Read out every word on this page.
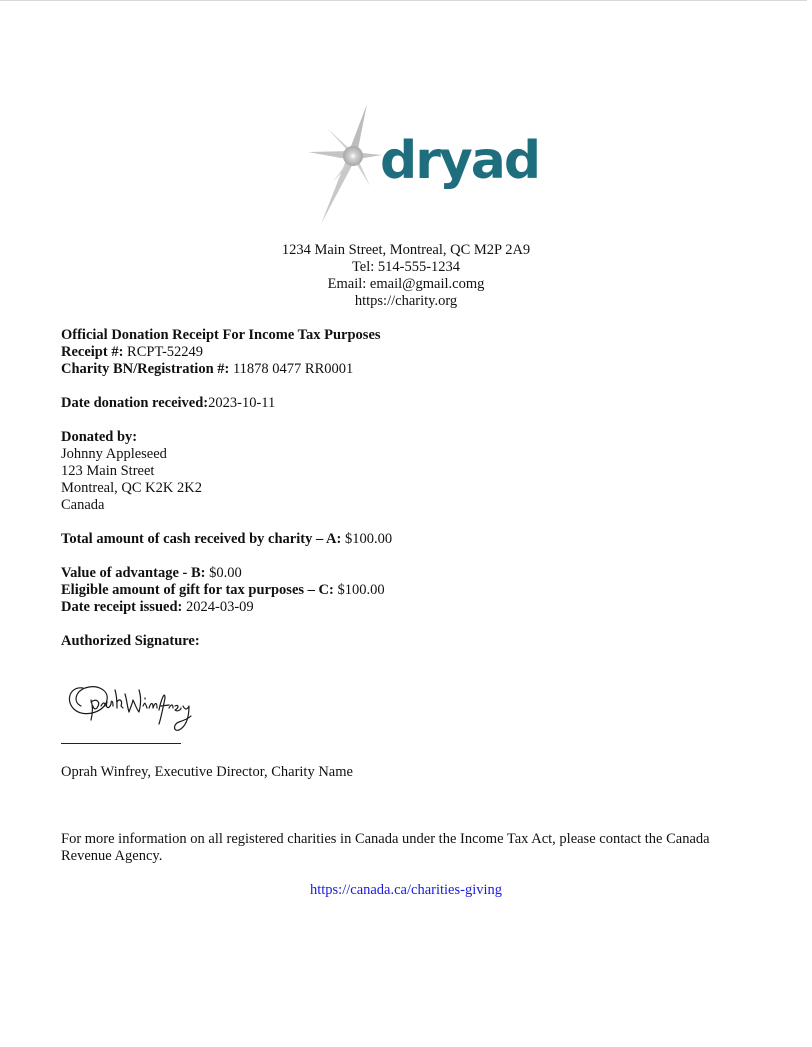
dryad
1234 Main Street, Montreal, QC M2P 2A9
Tel: 514-555-1234
Email: email@gmail.comg
https://charity.org
Official Donation Receipt For Income Tax Purposes
Receipt #: RCPT-52249
Charity BN/Registration #: 11878 0477 RR0001
Date donation received:2023-10-11
Donated by:
Johnny Appleseed
123 Main Street
Montreal, QC K2K 2K2
Canada
Total amount of cash received by charity – A: $100.00
Value of advantage - B: $0.00
Eligible amount of gift for tax purposes – C: $100.00
Date receipt issued: 2024-03-09
Authorized Signature:
Oprah Winfrey, Executive Director, Charity Name
For more information on all registered charities in Canada under the Income Tax Act, please contact the Canada Revenue Agency.
https://canada.ca/charities-giving
